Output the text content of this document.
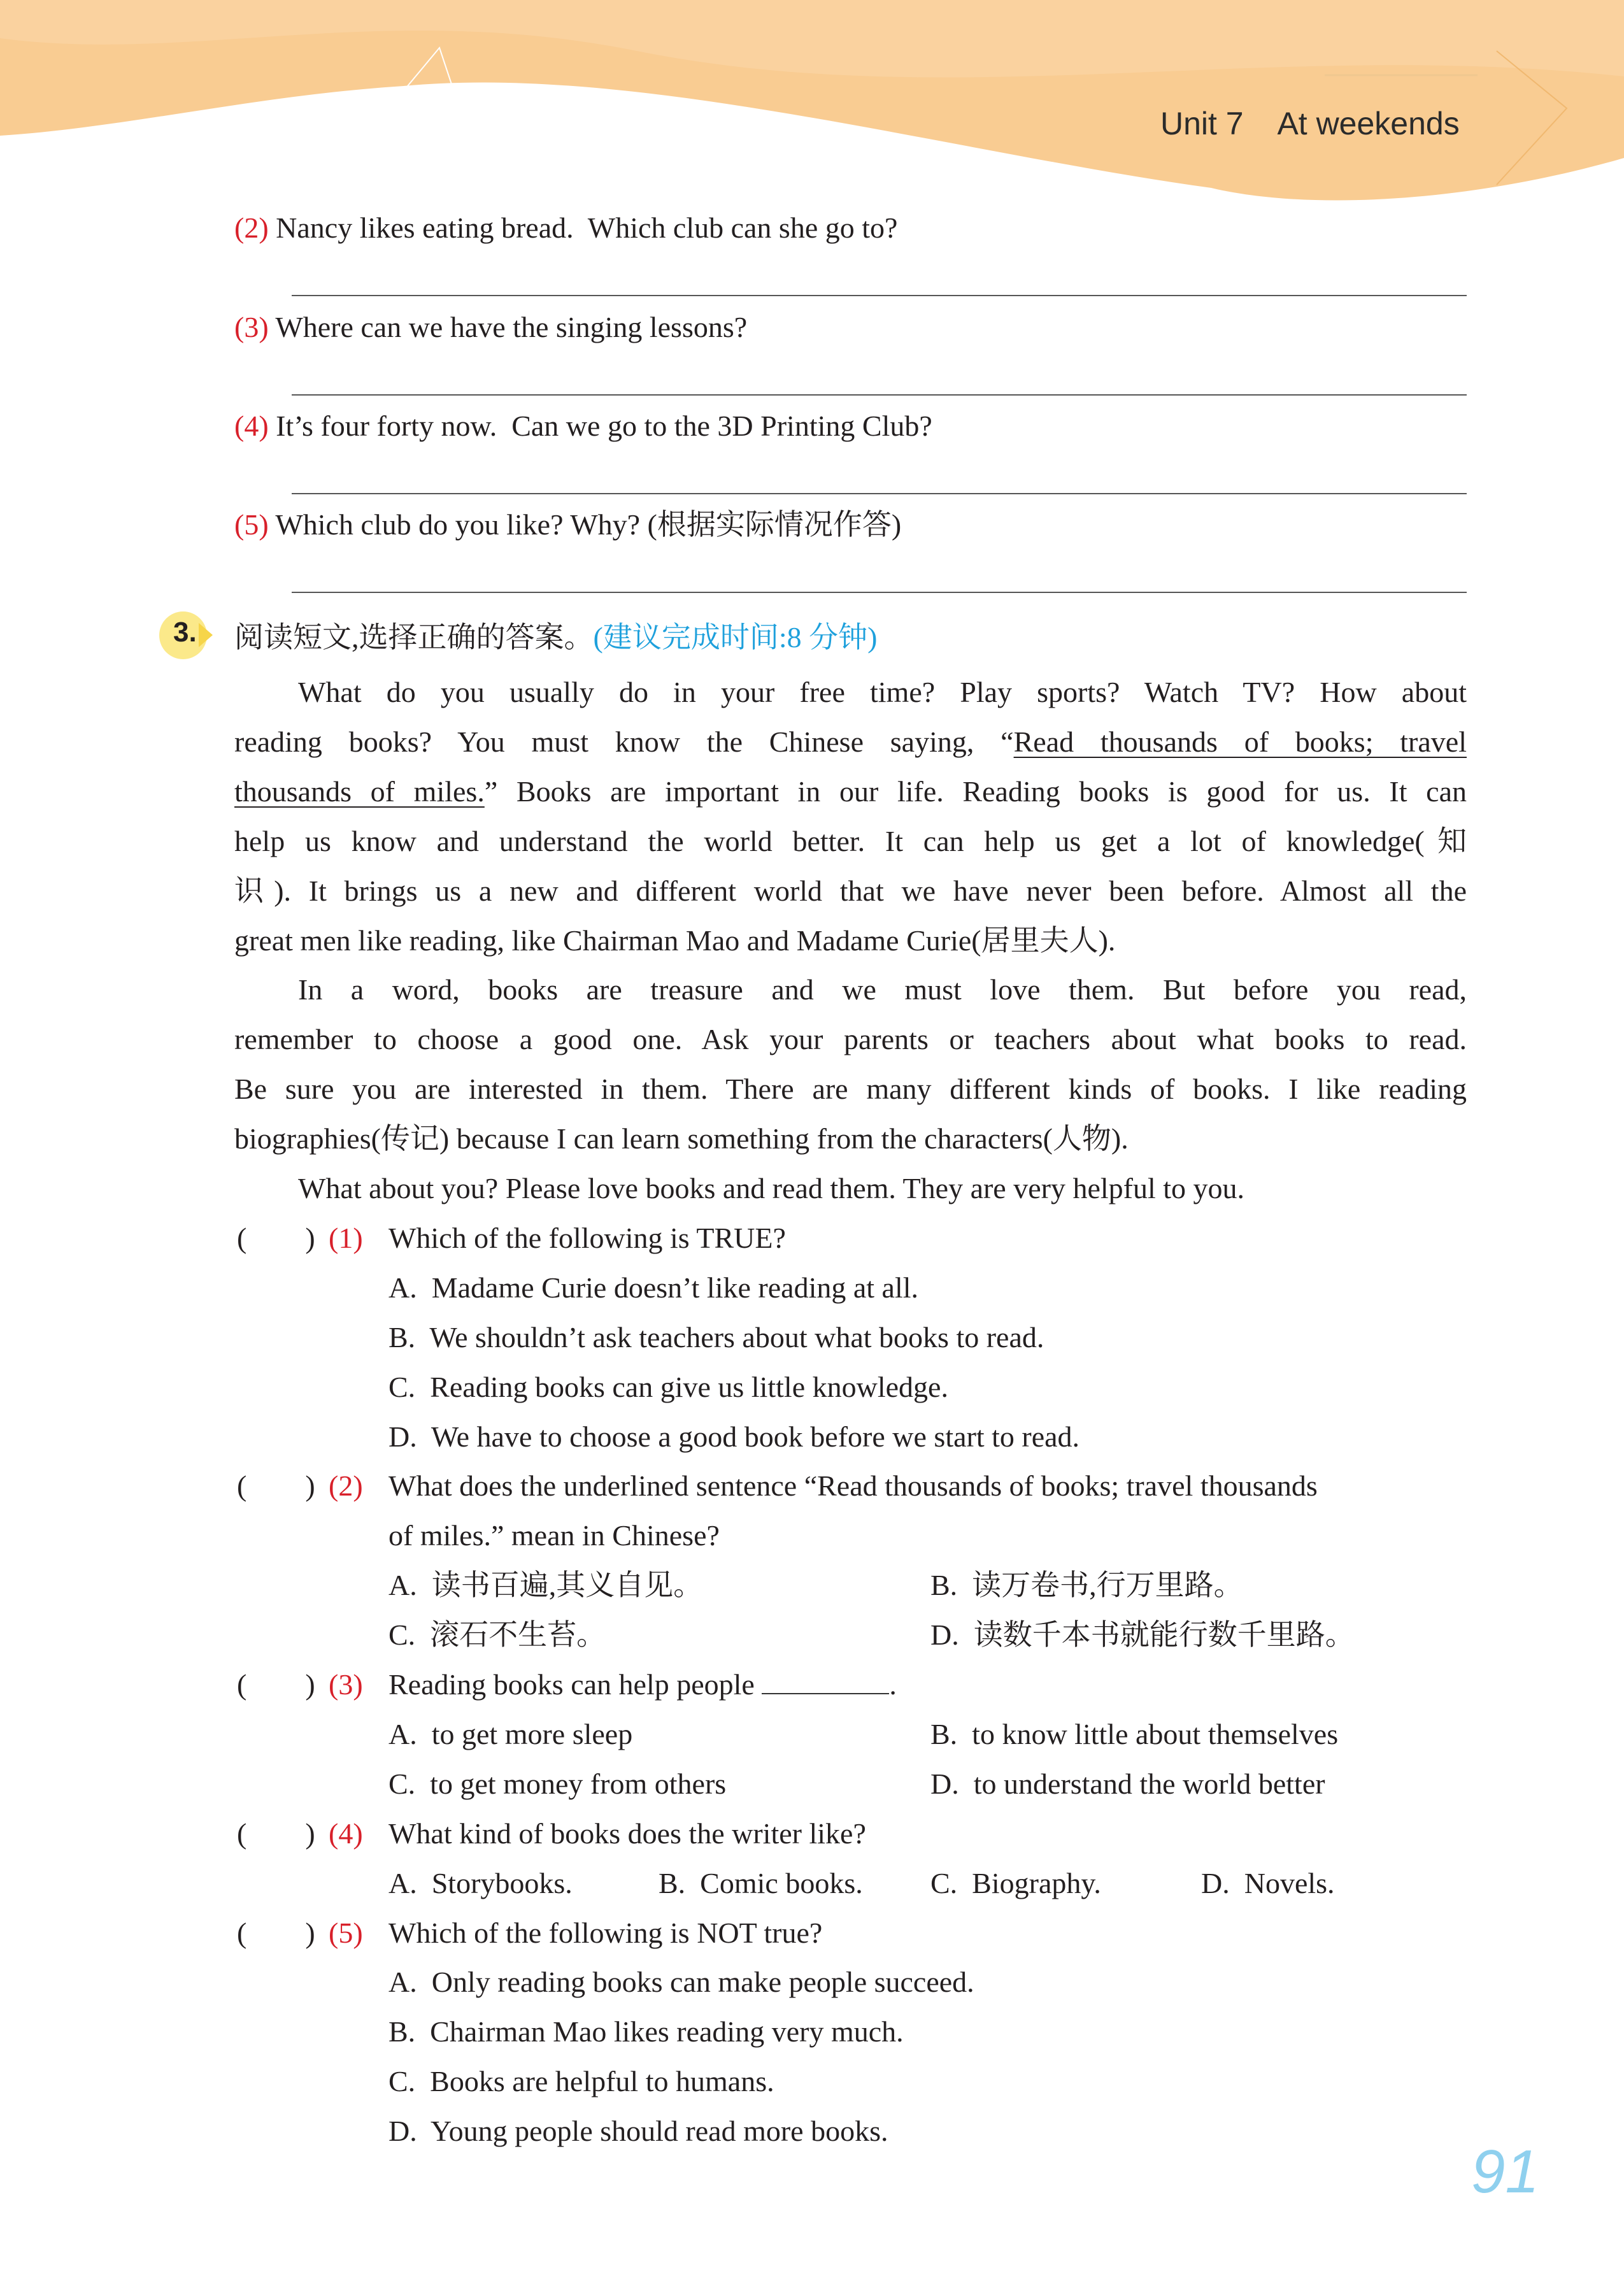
Unit 7 At weekends
(2) Nancy likes eating bread.  Which club can she go to?
(3) Where can we have the singing lessons?
(4) It’s four forty now.  Can we go to the 3D Printing Club?
(5) Which club do you like? Why? (根据实际情况作答)
3. 阅读短文,选择正确的答案。(建议完成时间:8 分钟)
What do you usually do in your free time? Play sports? Watch TV? How about
reading books? You must know the Chinese saying, “Read thousands of books; travel
thousands of miles.” Books are important in our life. Reading books is good for us. It can
help us know and understand the world better. It can help us get a lot of knowledge(知
识). It brings us a new and different world that we have never been before. Almost all the
great men like reading, like Chairman Mao and Madame Curie(居里夫人).
In a word, books are treasure and we must love them. But before you read,
remember to choose a good one. Ask your parents or teachers about what books to read.
Be sure you are interested in them. There are many different kinds of books. I like reading
biographies(传记) because I can learn something from the characters(人物).
What about you? Please love books and read them. They are very helpful to you.
(        ) (1) Which of the following is TRUE?
A.  Madame Curie doesn’t like reading at all.
B.  We shouldn’t ask teachers about what books to read.
C.  Reading books can give us little knowledge.
D.  We have to choose a good book before we start to read.
(        ) (2) What does the underlined sentence “Read thousands of books; travel thousands
of miles.” mean in Chinese?
A.  读书百遍,其义自见。	B.  读万卷书,行万里路。
C.  滚石不生苔。	D.  读数千本书就能行数千里路。
(        ) (3) Reading books can help people	.
A.  to get more sleep	B.  to know little about themselves
C.  to get money from others	D.  to understand the world better
(        ) (4) What kind of books does the writer like?
A.  Storybooks.	B.  Comic books. C.  Biography.	D.  Novels.
(        ) (5) Which of the following is NOT true?
A.  Only reading books can make people succeed.
B.  Chairman Mao likes reading very much.
C.  Books are helpful to humans.
D.  Young people should read more books.
91
